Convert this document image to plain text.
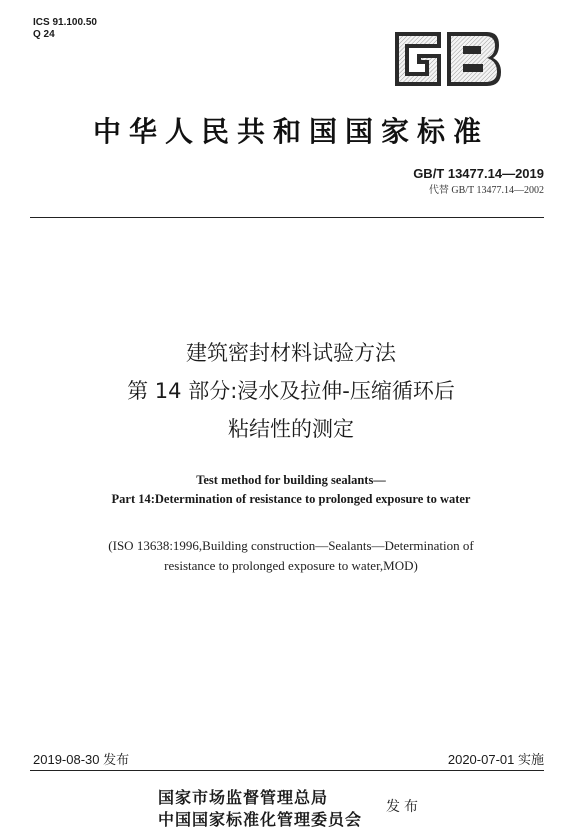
ICS 91.100.50
Q 24
中华人民共和国国家标准
GB/T 13477.14—2019
代替 GB/T 13477.14—2002
建筑密封材料试验方法
第 14 部分:浸水及拉伸-压缩循环后
粘结性的测定
Test method for building sealants—
Part 14:Determination of resistance to prolonged exposure to water
(ISO 13638:1996,Building construction—Sealants—Determination of
resistance to prolonged exposure to water,MOD)
2019-08-30 发布	2020-07-01 实施
国家市场监督管理总局
中国国家标准化管理委员会
发布
